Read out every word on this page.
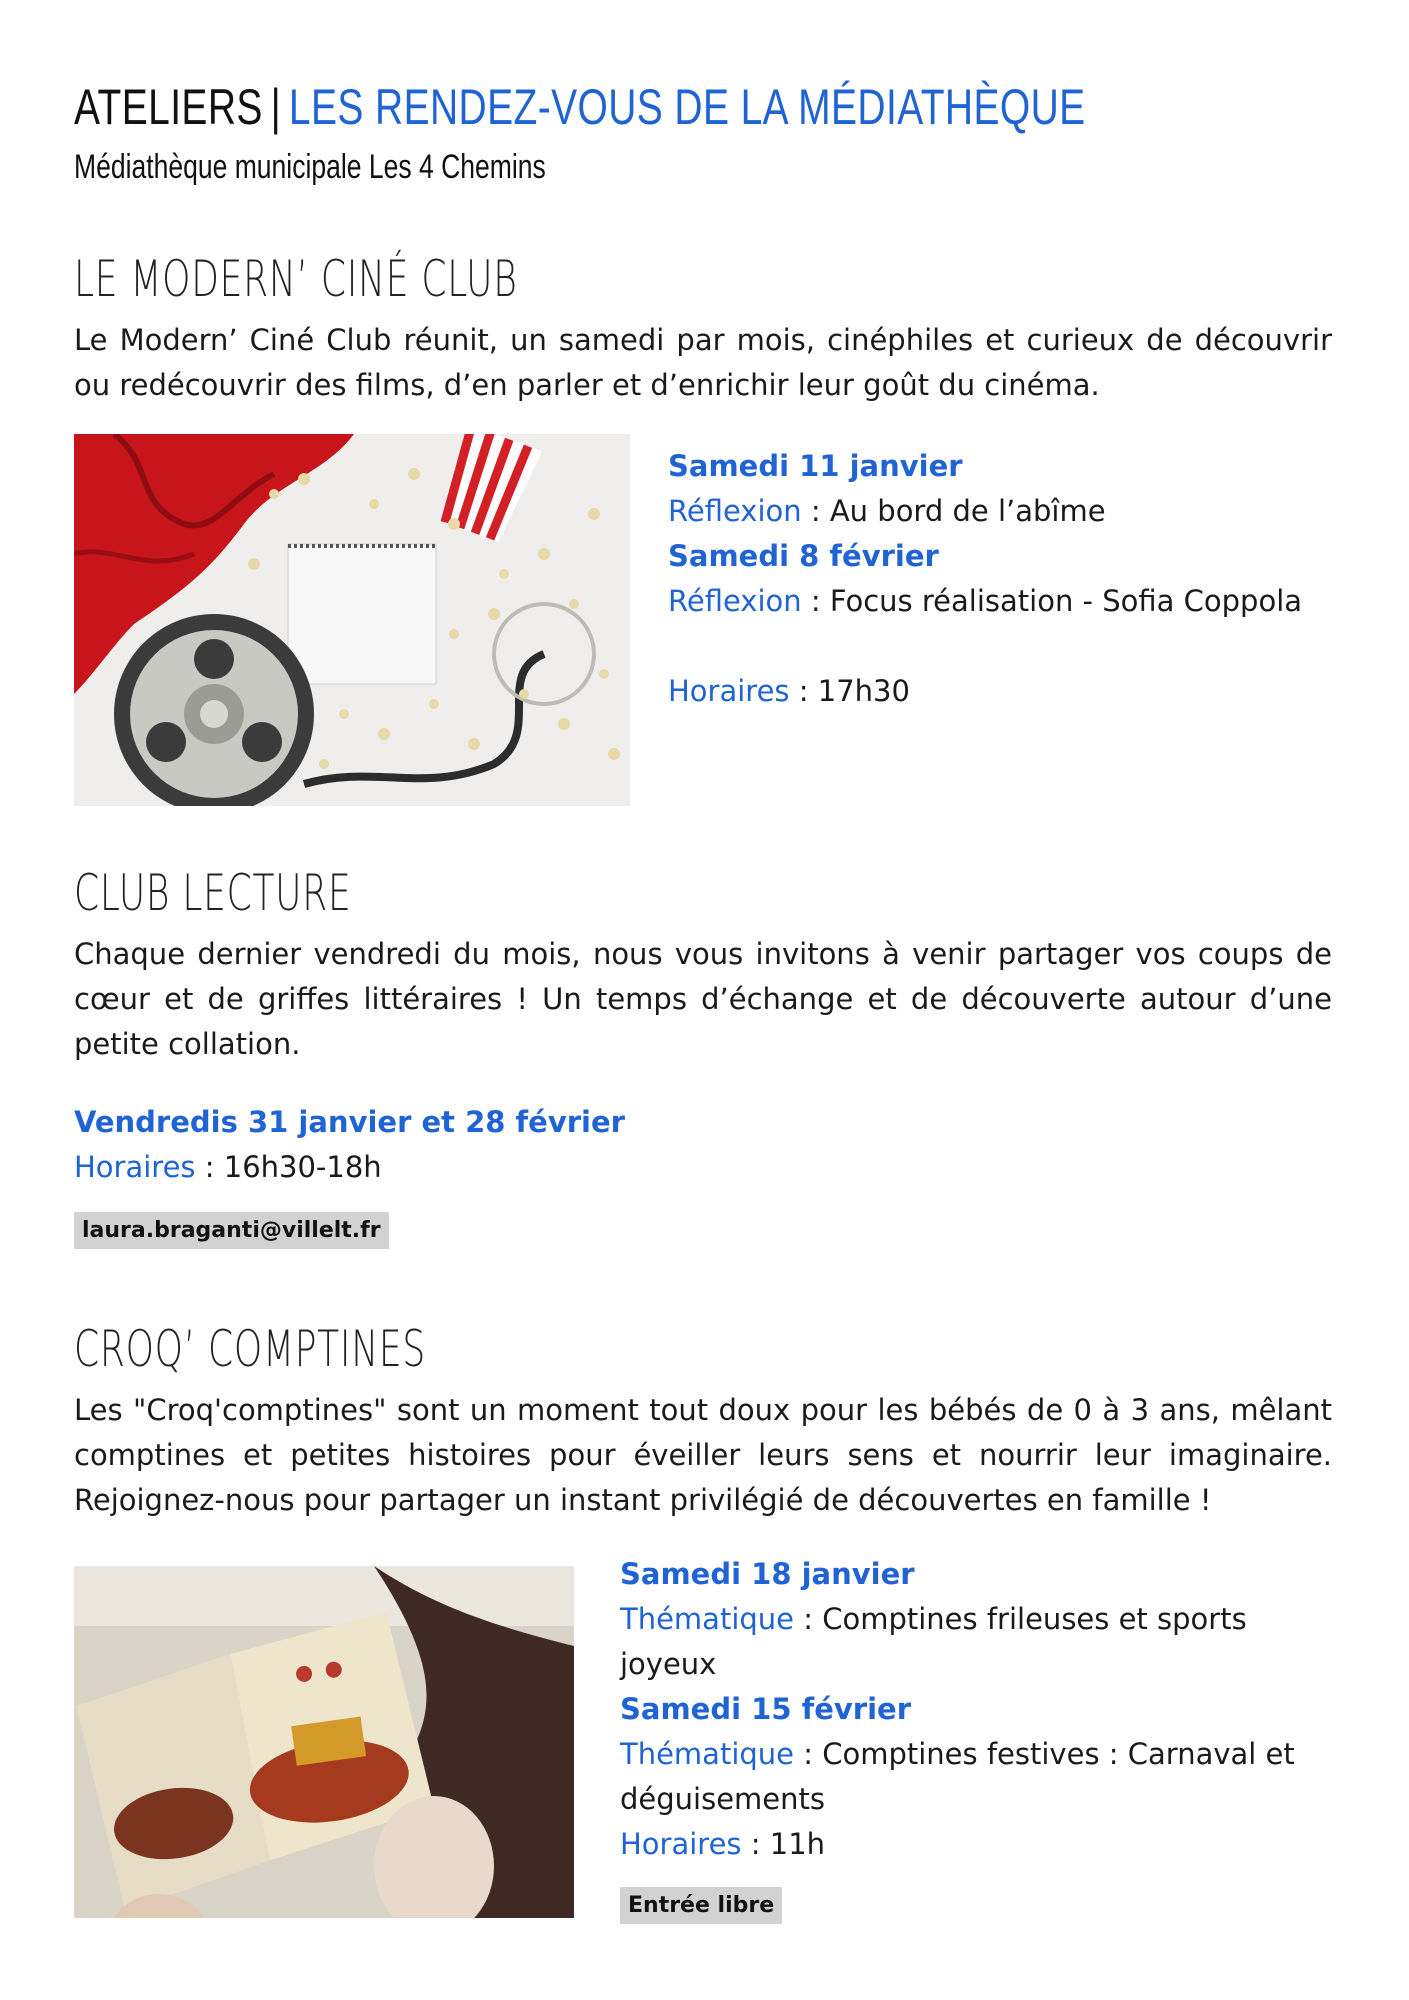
ATELIERS | LES RENDEZ-VOUS DE LA MÉDIATHÈQUE
Médiathèque municipale Les 4 Chemins
LE MODERN’ CINÉ CLUB
Le Modern’ Ciné Club réunit, un samedi par mois, cinéphiles et curieux de découvrir ou redécouvrir des films, d’en parler et d’enrichir leur goût du cinéma.
Samedi 11 janvier
Réflexion : Au bord de l’abîme
Samedi 8 février
Réflexion : Focus réalisation - Sofia Coppola
Horaires : 17h30
CLUB LECTURE
Chaque dernier vendredi du mois, nous vous invitons à venir partager vos coups de cœur et de griffes littéraires ! Un temps d’échange et de découverte autour d’une petite collation.
Vendredis 31 janvier et 28 février
Horaires : 16h30-18h
laura.braganti@villelt.fr
CROQ’ COMPTINES
Les "Croq'comptines" sont un moment tout doux pour les bébés de 0 à 3 ans, mêlant comptines et petites histoires pour éveiller leurs sens et nourrir leur imaginaire. Rejoignez-nous pour partager un instant privilégié de découvertes en famille !
Samedi 18 janvier
Thématique : Comptines frileuses et sports
joyeux
Samedi 15 février
Thématique : Comptines festives : Carnaval et
déguisements
Horaires : 11h
Entrée libre
